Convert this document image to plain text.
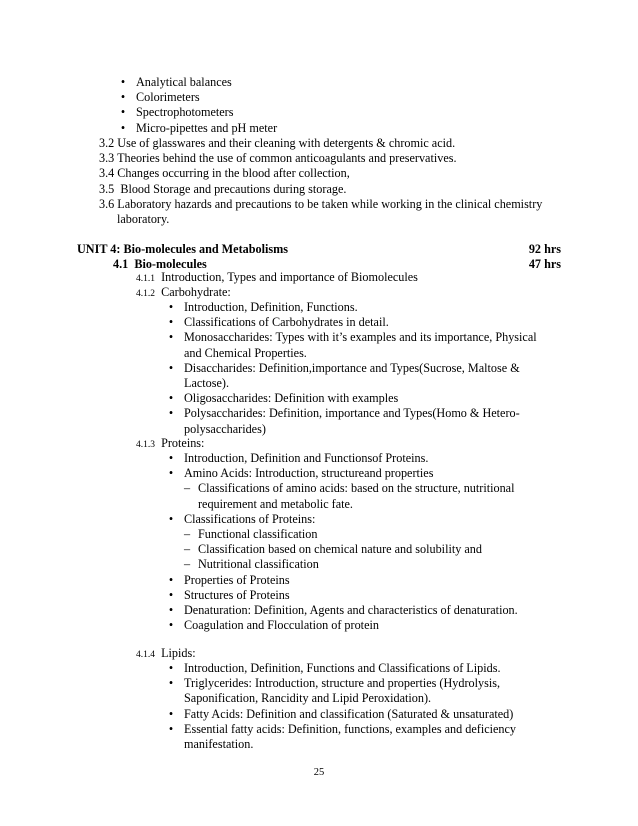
• Analytical balances
• Colorimeters
• Spectrophotometers
• Micro-pipettes and pH meter
3.2 Use of glasswares and their cleaning with detergents & chromic acid.
3.3 Theories behind the use of common anticoagulants and preservatives.
3.4 Changes occurring in the blood after collection,
3.5  Blood Storage and precautions during storage.
3.6 Laboratory hazards and precautions to be taken while working in the clinical chemistry
laboratory.
UNIT 4: Bio-molecules and Metabolisms	92 hrs
4.1 Bio-molecules	47 hrs
4.1.1 Introduction, Types and importance of Biomolecules
4.1.2 Carbohydrate:
• Introduction, Definition, Functions.
• Classifications of Carbohydrates in detail.
• Monosaccharides: Types with it’s examples and its importance, Physical
and Chemical Properties.
• Disaccharides: Definition,importance and Types(Sucrose, Maltose &
Lactose).
• Oligosaccharides: Definition with examples
• Polysaccharides: Definition, importance and Types(Homo & Hetero-
polysaccharides)
4.1.3 Proteins:
• Introduction, Definition and Functionsof Proteins.
• Amino Acids: Introduction, structureand properties
– Classifications of amino acids: based on the structure, nutritional
requirement and metabolic fate.
• Classifications of Proteins:
– Functional classification
– Classification based on chemical nature and solubility and
– Nutritional classification
• Properties of Proteins
• Structures of Proteins
• Denaturation: Definition, Agents and characteristics of denaturation.
• Coagulation and Flocculation of protein
4.1.4 Lipids:
• Introduction, Definition, Functions and Classifications of Lipids.
• Triglycerides: Introduction, structure and properties (Hydrolysis,
Saponification, Rancidity and Lipid Peroxidation).
• Fatty Acids: Definition and classification (Saturated & unsaturated)
• Essential fatty acids: Definition, functions, examples and deficiency
manifestation.
25
